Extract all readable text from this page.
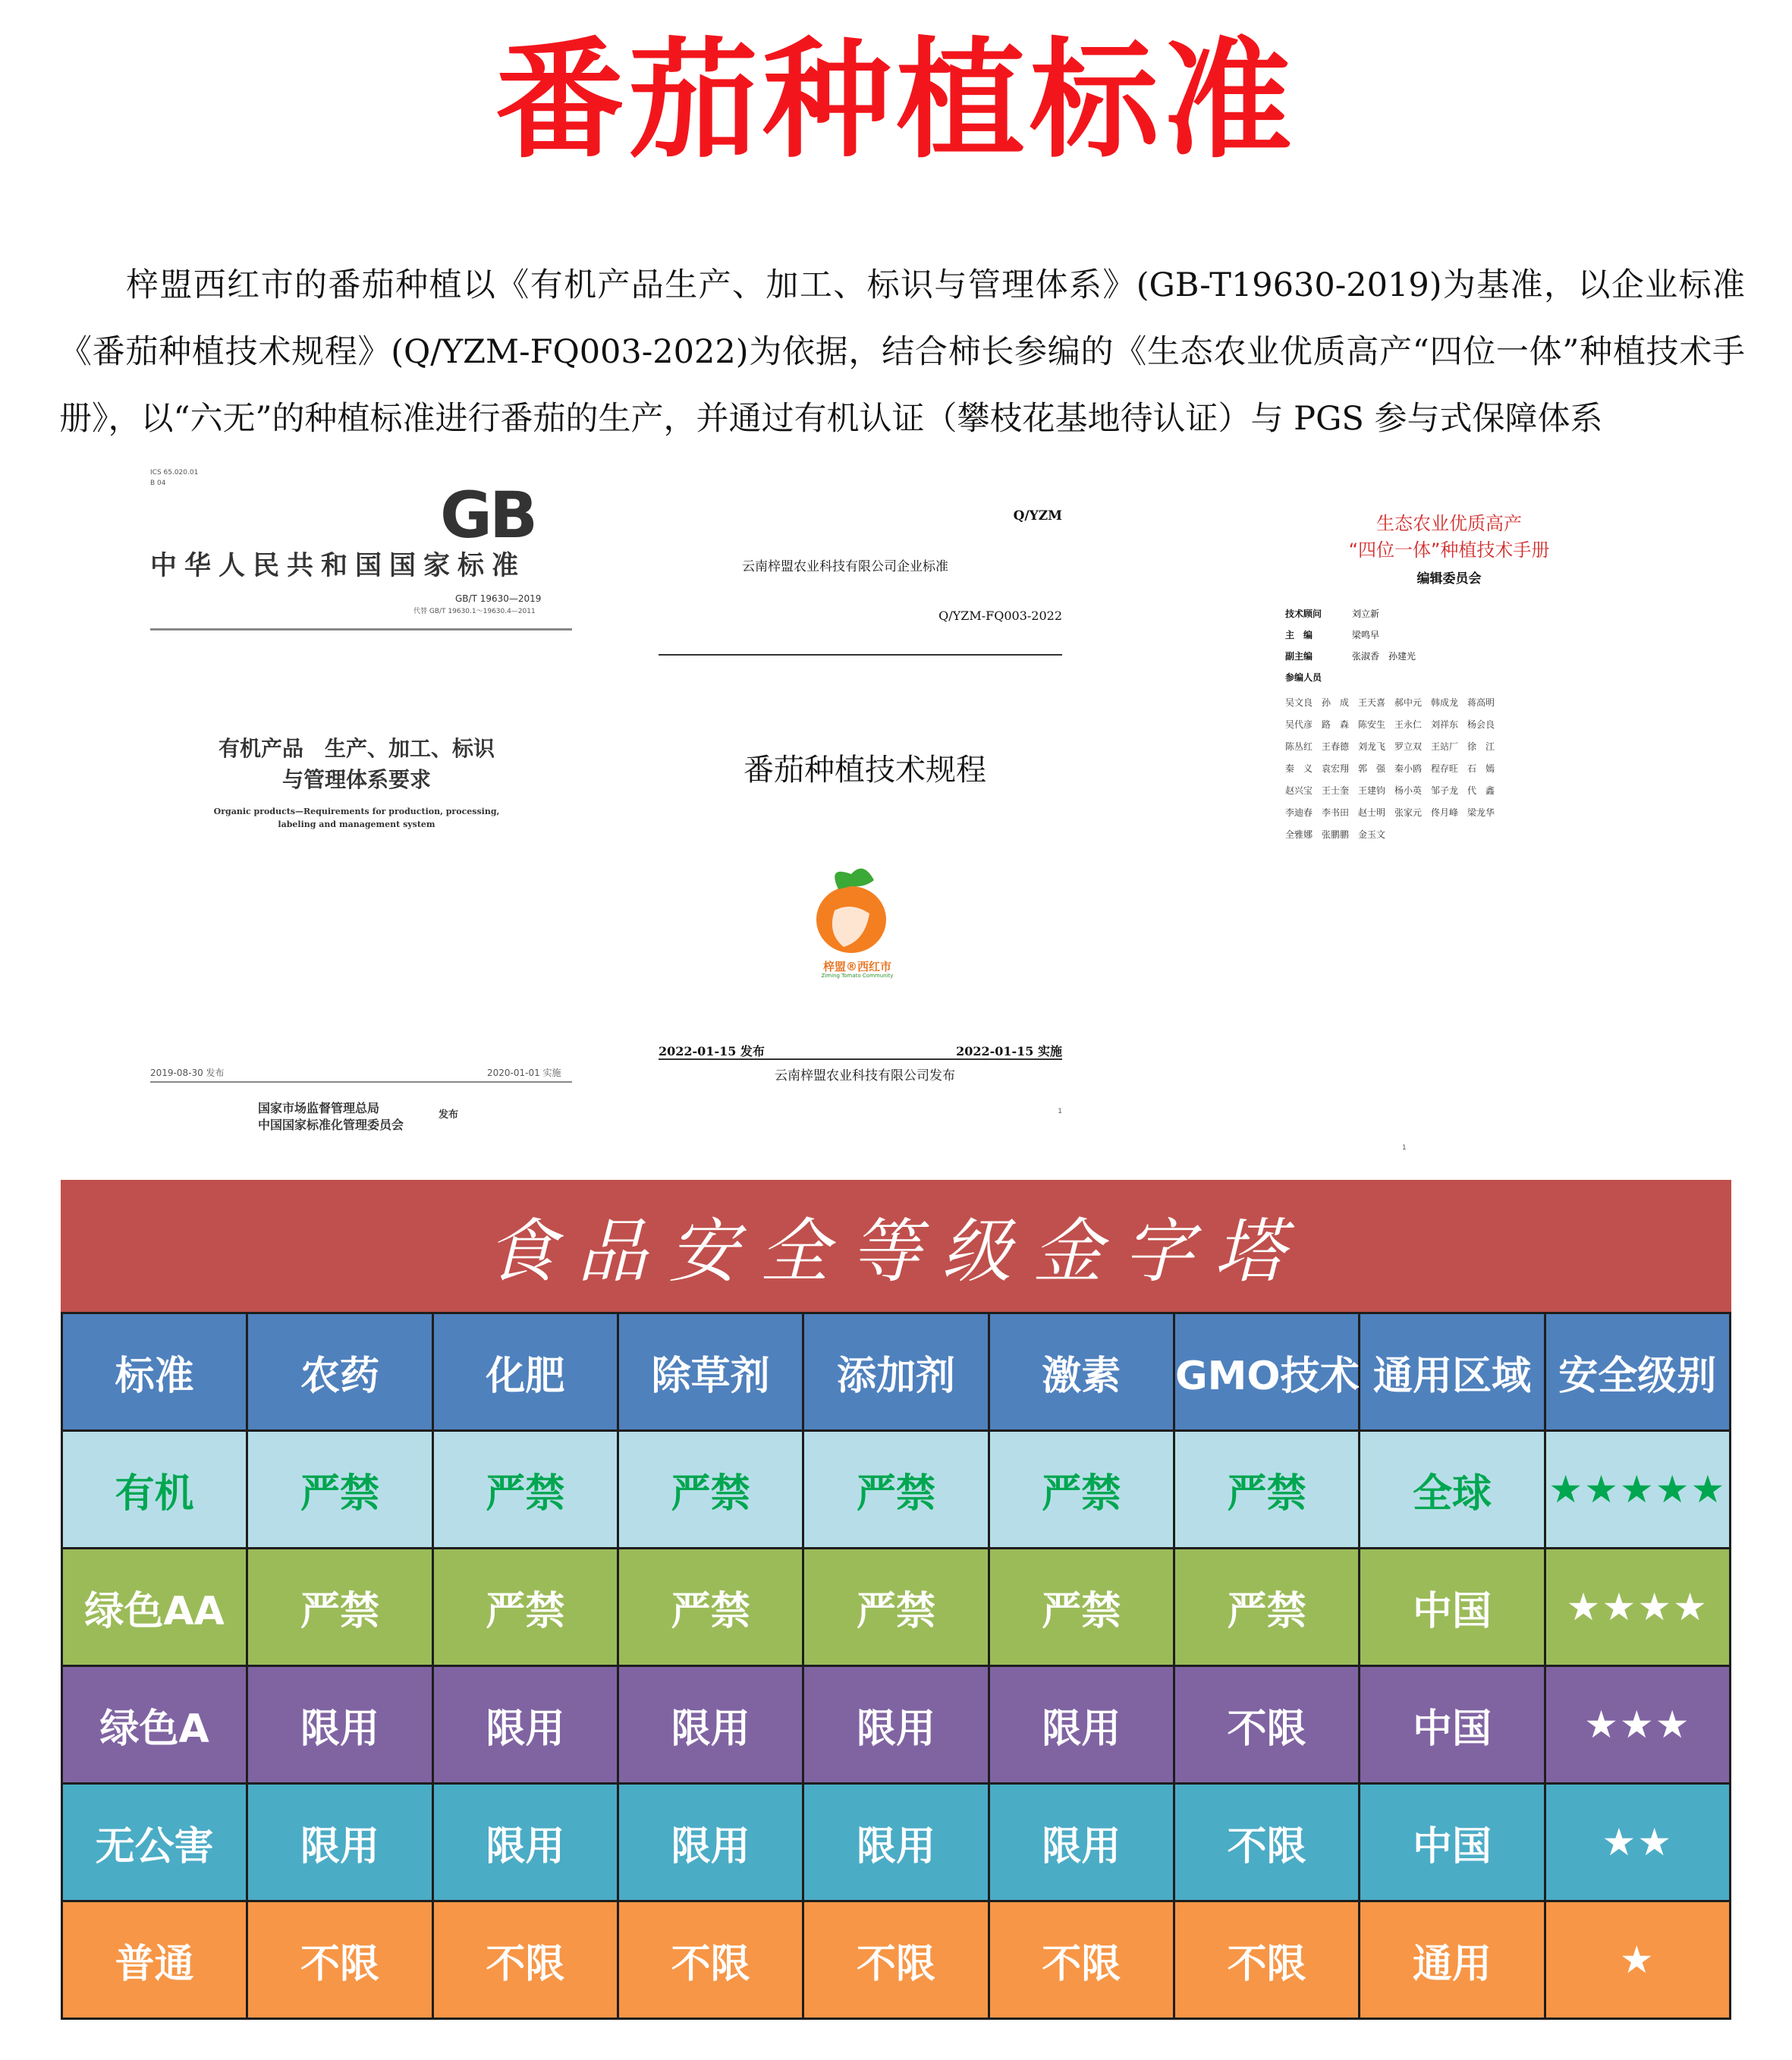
番茄种植标准
梓盟西红市的番茄种植以《有机产品生产、加工、标识与管理体系》(GB-T19630-2019)为基准，以企业标准《番茄种植技术规程》(Q/YZM-FQ003-2022)为依据，结合柿长参编的《生态农业优质高产“四位一体”种植技术手册》，以“六无”的种植标准进行番茄的生产，并通过有机认证（攀枝花基地待认证）与 PGS 参与式保障体系
ICS 65.020.01
B 04	GB
中华人民共和国国家标准
GB/T 19630—2019
代替 GB/T 19630.1～19630.4—2011
有机产品　生产、加工、标识
与管理体系要求
Organic products—Requirements for production, processing,
labeling and management system
2019-08-30 发布	2020-01-01 实施
国家市场监督管理总局
中国国家标准化管理委员会
发布
Q/YZM
云南梓盟农业科技有限公司企业标准
Q/YZM-FQ003-2022
番茄种植技术规程
梓盟®西红市
Ziming Tomato Community
2022-01-15 发布	2022-01-15 实施
云南梓盟农业科技有限公司发布
1
生态农业优质高产
“四位一体”种植技术手册
编辑委员会
技术顾问	刘立新
主　编	梁鸣早
副主编	张淑香　孙建光
参编人员
吴文良　孙　成　王天喜　郝中元　韩成龙　蒋高明
吴代彦　路　森　陈安生　王永仁　刘祥东　杨会良
陈丛红　王春德　刘龙飞　罗立双　王站厂　徐　江
秦　义　袁宏翔　郭　强　秦小鸥　程存旺　石　嫣
赵兴宝　王士奎　王建钧　杨小英　邹子龙　代　鑫
李迪春　李书田　赵士明　张家元　佟月峰　梁龙华
全雅娜　张鹏鹏　金玉文
1
食品安全等级金字塔
标准	农药	化肥	除草剂	添加剂	激素	GMO技术	通用区域	安全级别
有机	严禁	严禁	严禁	严禁	严禁	严禁	全球	★★★★★
绿色AA	严禁	严禁	严禁	严禁	严禁	严禁	中国	★★★★
绿色A	限用	限用	限用	限用	限用	不限	中国	★★★
无公害	限用	限用	限用	限用	限用	不限	中国	★★
普通	不限	不限	不限	不限	不限	不限	通用	★
